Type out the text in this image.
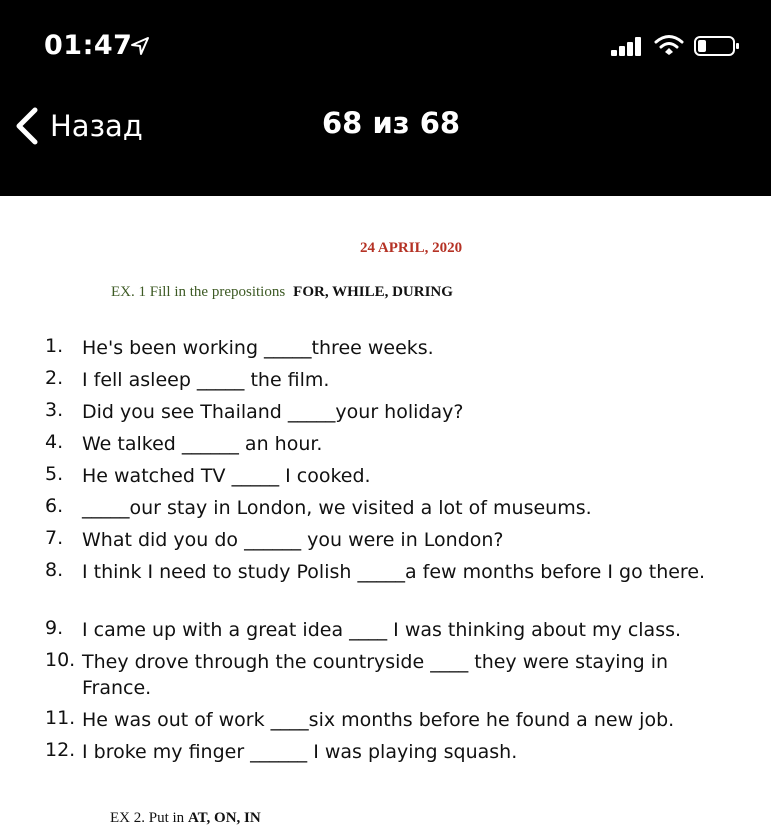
01:47
Назад	68 из 68
24 APRIL, 2020
EX. 1 Fill in the prepositions FOR, WHILE, DURING
1. He's been working _____three weeks.
2. I fell asleep _____ the film.
3. Did you see Thailand _____your holiday?
4. We talked ______ an hour.
5. He watched TV _____ I cooked.
6. _____our stay in London, we visited a lot of museums.
7. What did you do ______ you were in London?
8. I think I need to study Polish _____a few months before I go there.
9. I came up with a great idea ____ I was thinking about my class.
10. They drove through the countryside ____ they were staying in France.
11. He was out of work ____six months before he found a new job.
12. I broke my finger ______ I was playing squash.
EX 2. Put in AT, ON, IN
